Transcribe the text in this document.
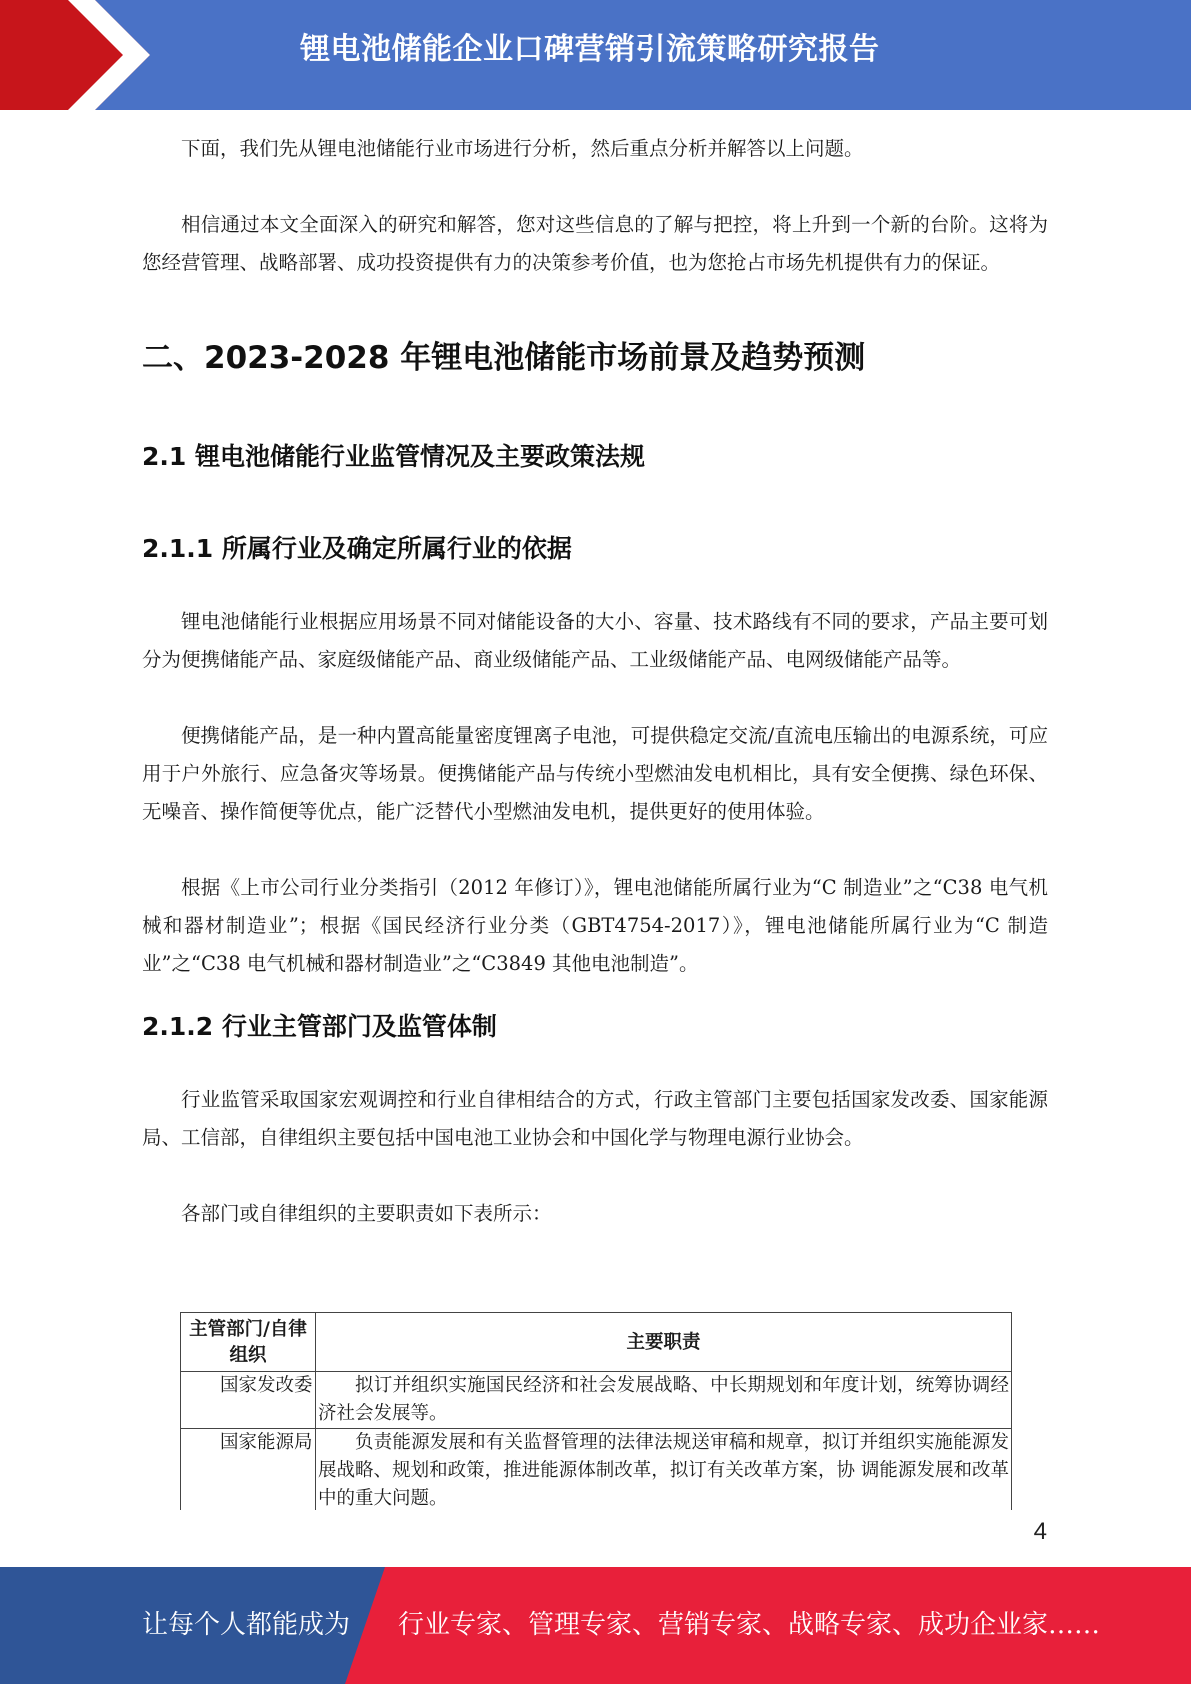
锂电池储能企业口碑营销引流策略研究报告

下面，我们先从锂电池储能行业市场进行分析，然后重点分析并解答以上问题。

相信通过本文全面深入的研究和解答，您对这些信息的了解与把控，将上升到一个新的台阶。这将为您经营管理、战略部署、成功投资提供有力的决策参考价值，也为您抢占市场先机提供有力的保证。

二、2023-2028 年锂电池储能市场前景及趋势预测
2.1 锂电池储能行业监管情况及主要政策法规
2.1.1 所属行业及确定所属行业的依据

锂电池储能行业根据应用场景不同对储能设备的大小、容量、技术路线有不同的要求，产品主要可划分为便携储能产品、家庭级储能产品、商业级储能产品、工业级储能产品、电网级储能产品等。

便携储能产品，是一种内置高能量密度锂离子电池，可提供稳定交流/直流电压输出的电源系统，可应用于户外旅行、应急备灾等场景。便携储能产品与传统小型燃油发电机相比，具有安全便携、绿色环保、无噪音、操作简便等优点，能广泛替代小型燃油发电机，提供更好的使用体验。

根据《上市公司行业分类指引（2012 年修订）》，锂电池储能所属行业为“C 制造业”之“C38 电气机械和器材制造业”；根据《国民经济行业分类（GBT4754-2017）》，锂电池储能所属行业为“C 制造业”之“C38 电气机械和器材制造业”之“C3849 其他电池制造”。

2.1.2 行业主管部门及监管体制

行业监管采取国家宏观调控和行业自律相结合的方式，行政主管部门主要包括国家发改委、国家能源局、工信部，自律组织主要包括中国电池工业协会和中国化学与物理电源行业协会。

各部门或自律组织的主要职责如下表所示：

主管部门/自律组织	主要职责
国家发改委	拟订并组织实施国民经济和社会发展战略、中长期规划和年度计划，统筹协调经济社会发展等。
国家能源局	负责能源发展和有关监督管理的法律法规送审稿和规章，拟订并组织实施能源发展战略、规划和政策，推进能源体制改革，拟订有关改革方案，协 调能源发展和改革中的重大问题。
4
让每个人都能成为 行业专家、管理专家、营销专家、战略专家、成功企业家……
